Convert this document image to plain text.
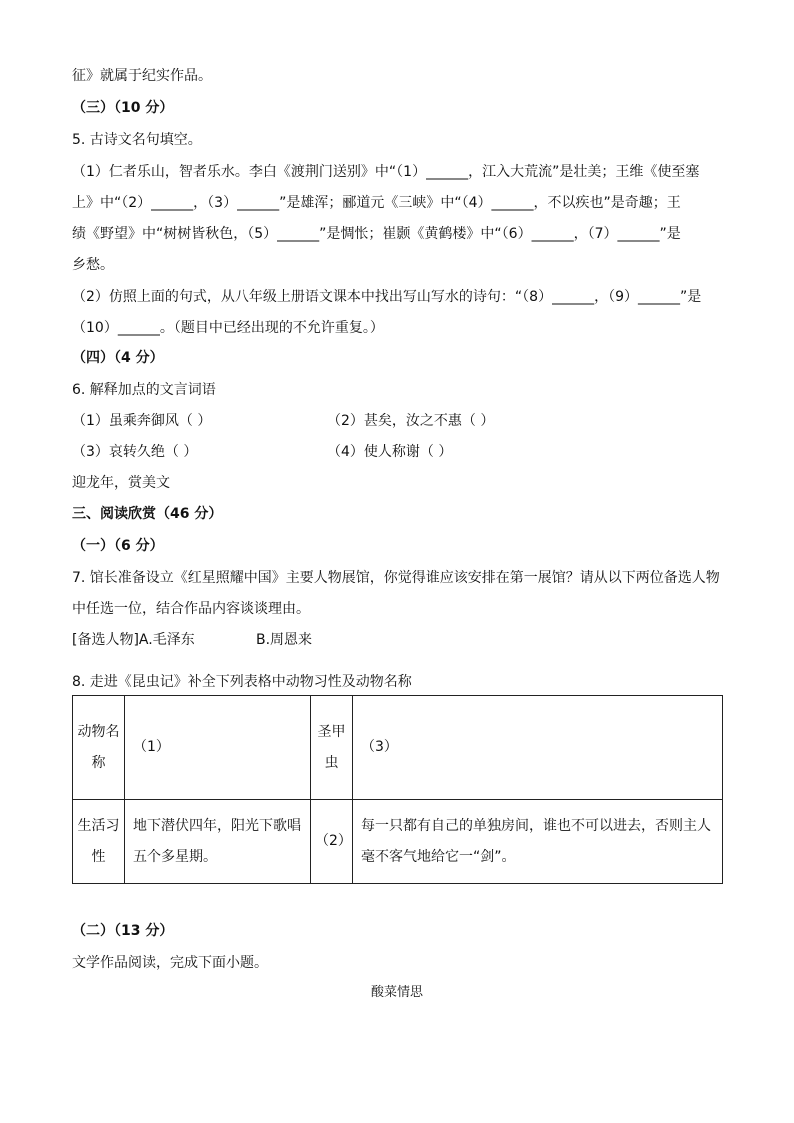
征》就属于纪实作品。
（三）（10 分）
5. 古诗文名句填空。
（1）仁者乐山，智者乐水。李白《渡荆门送别》中“（1）______，江入大荒流”是壮美；王维《使至塞
上》中“（2）______，（3）______”是雄浑；郦道元《三峡》中“（4）______，不以疾也”是奇趣；王
绩《野望》中“树树皆秋色，（5）______”是惆怅；崔颢《黄鹤楼》中“（6）______，（7）______”是
乡愁。
（2）仿照上面的句式，从八年级上册语文课本中找出写山写水的诗句：“（8）______，（9）______”是
（10）______。（题目中已经出现的不允许重复。）
（四）（4 分）
6. 解释加点的文言词语
（1）虽乘奔御风（ ）	（2）甚矣，汝之不惠（ ）
（3）哀转久绝（ ）	（4）使人称谢（ ）
迎龙年，赏美文
三、阅读欣赏（46 分）
（一）（6 分）
7. 馆长准备设立《红星照耀中国》主要人物展馆，你觉得谁应该安排在第一展馆？请从以下两位备选人物
中任选一位，结合作品内容谈谈理由。
[备选人物]A.毛泽东	B.周恩来
8. 走进《昆虫记》补全下列表格中动物习性及动物名称
动物名称	（1）	圣甲虫	（3）
生活习性	地下潜伏四年，阳光下歌唱五个多星期。	（2）	每一只都有自己的单独房间，谁也不可以进去，否则主人毫不客气地给它一“剑”。
（二）（13 分）
文学作品阅读，完成下面小题。
酸菜情思
